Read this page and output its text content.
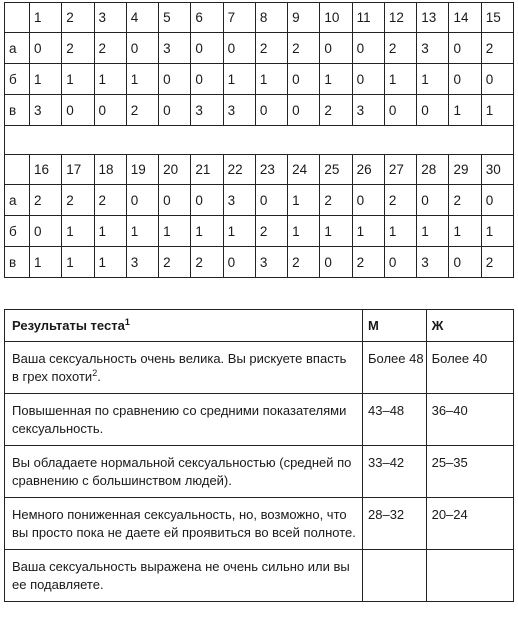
	1	2	3	4	5	6	7	8	9	10	11	12	13	14	15
а	0	2	2	0	3	0	0	2	2	0	0	2	3	0	2
б	1	1	1	1	0	0	1	1	0	1	0	1	1	0	0
в	3	0	0	2	0	3	3	0	0	2	3	0	0	1	1

	16	17	18	19	20	21	22	23	24	25	26	27	28	29	30
а	2	2	2	0	0	0	3	0	1	2	0	2	0	2	0
б	0	1	1	1	1	1	1	2	1	1	1	1	1	1	1
в	1	1	1	3	2	2	0	3	2	0	2	0	3	0	2
Результаты теста$^1$	М	Ж
Ваша сексуальность очень велика. Вы рискуете впасть в грех похоти$^2$.	Более 48	Более 40
Повышенная по сравнению со средними показателями сексуальность.	43–48	36–40
Вы обладаете нормальной сексуальностью (средней по сравнению с большинством людей).	33–42	25–35
Немного пониженная сексуальность, но, возможно, что вы просто пока не даете ей проявиться во всей полноте.	28–32	20–24
Ваша сексуальность выражена не очень сильно или вы ее подавляете.		
